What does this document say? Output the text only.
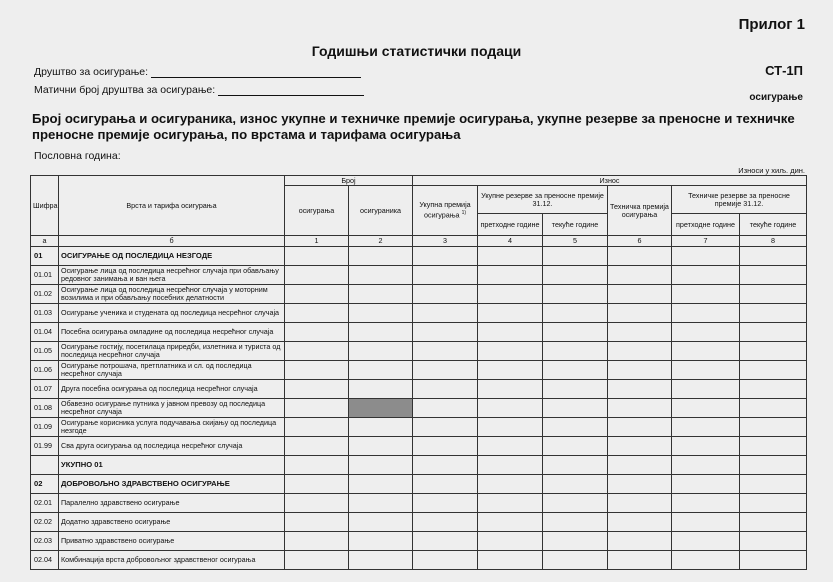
Прилог 1
Годишњи статистички подаци
СТ-1П
осигурање
Друштво за осигурање:
Матични број друштва за осигурање:
Број осигурања и осигураника, износ укупне и техничке премије осигурања, укупне резерве за преносне и техничке преносне премије осигурања, по врстама и тарифама осигурања
Пословна година:
Износи у хиљ. дин.
Шифра	Врста и тарифа осигурања	Број		Износ					
		осигурања	осигураника	Укупна премија осигурања $^{1)}$	Укупне резерве за преносне премије 31.12.		Техничка премија осигурања	Техничке резерве за преносне премије 31.12.	
					претходне године	текуће године		претходне године	текуће године
а	б	1	2	3	4	5	6	7	8
01	ОСИГУРАЊЕ ОД ПОСЛЕДИЦА НЕЗГОДЕ								
01.01	Осигурање лица од последица несрећног случаја при обављању редовног занимања и ван њега								
01.02	Осигурање лица од последица несрећног случаја у моторним возилима и при обављању посебних делатности								
01.03	Осигурање ученика и студената од последица несрећног случаја								
01.04	Посебна осигурања омладине од последица несрећног случаја								
01.05	Осигурање гостију, посетилаца приредби, излетника и туриста од последица несрећног случаја								
01.06	Осигурање потрошача, претплатника и сл. од последица несрећног случаја								
01.07	Друга посебна осигурања од последица несрећног случаја								
01.08	Обавезно осигурање путника у јавном превозу од последица несрећног случаја								
01.09	Осигурање корисника услуга подучавања скијању од последица незгоде								
01.99	Сва друга осигурања од последица несрећног случаја								
	УКУПНО 01								
02	ДОБРОВОЉНО ЗДРАВСТВЕНО ОСИГУРАЊЕ								
02.01	Паралелно здравствено осигурање								
02.02	Додатно здравствено осигурање								
02.03	Приватно здравствено осигурање								
02.04	Комбинација врста добровољног здравственог осигурања								
